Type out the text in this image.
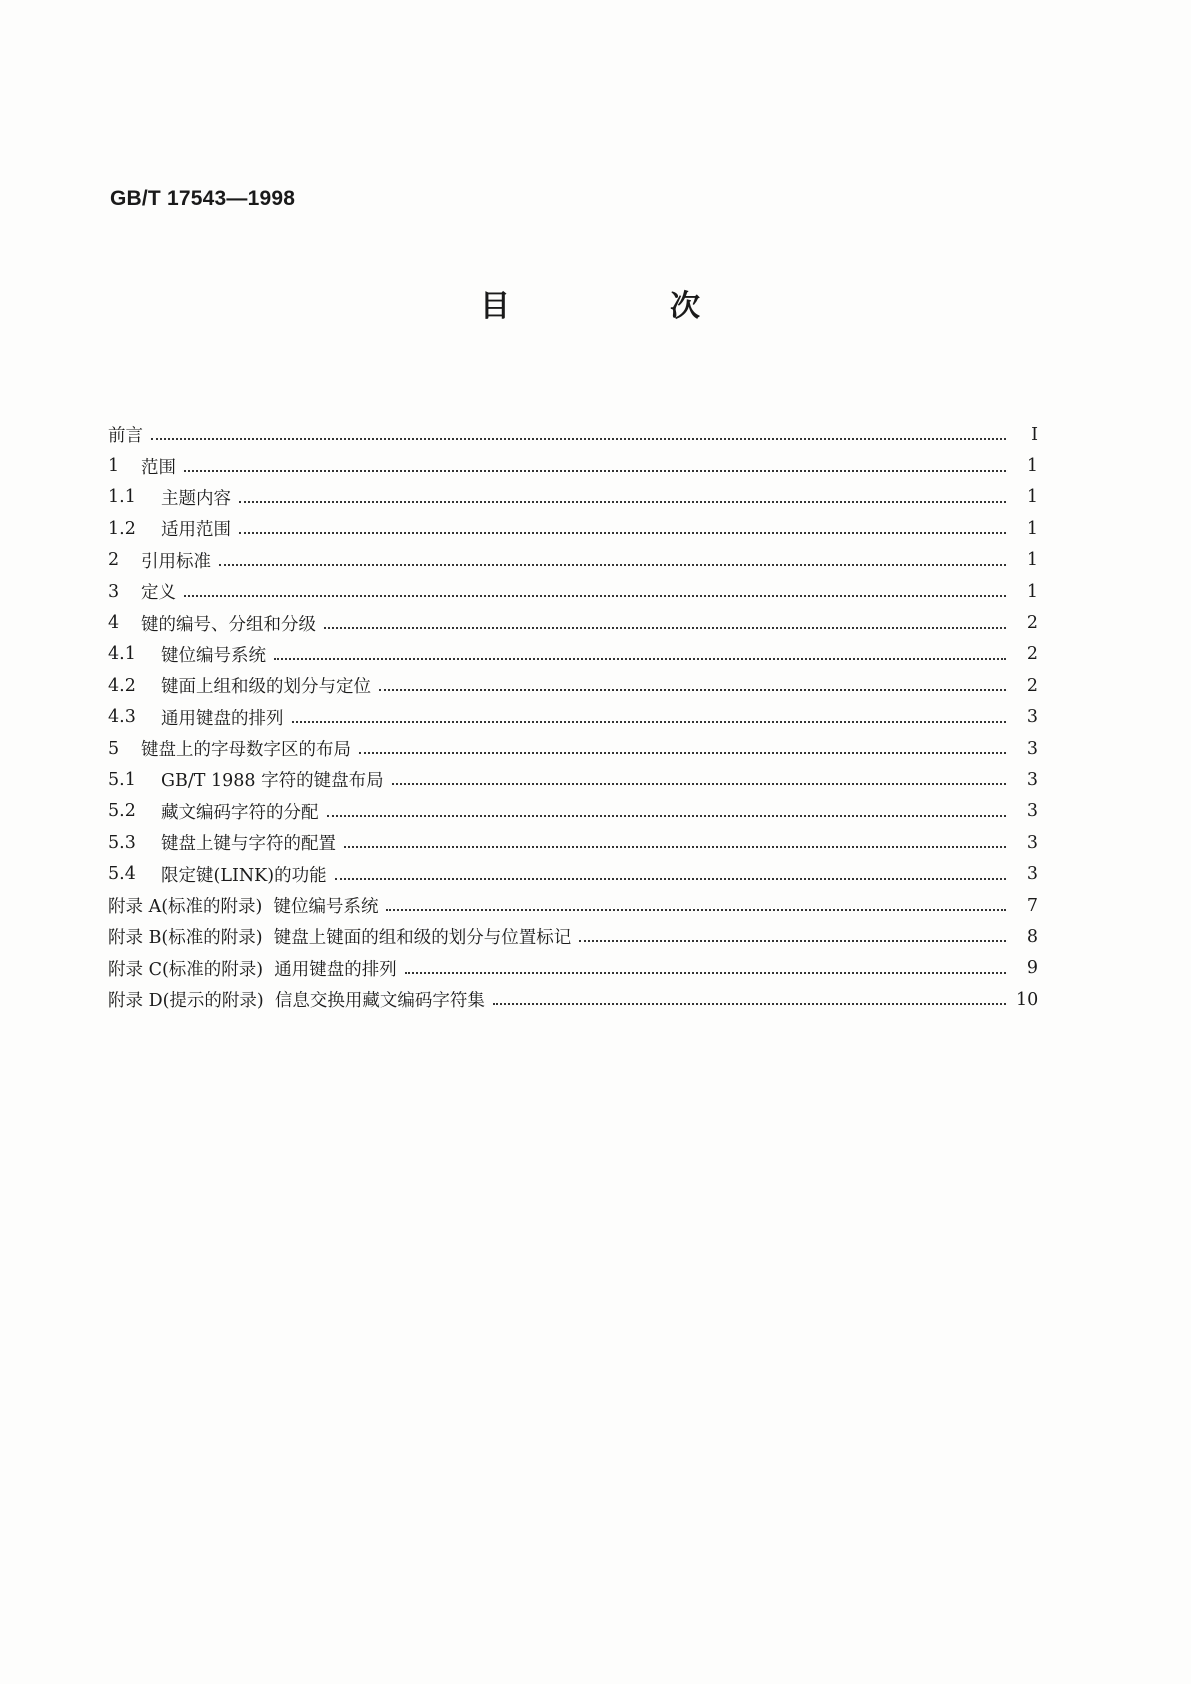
GB/T 17543—1998
目	次
前言	Ⅰ
1	范围	1
1.1	主题内容	1
1.2	适用范围	1
2	引用标准	1
3	定义	1
4	键的编号、分组和分级	2
4.1	键位编号系统	2
4.2	键面上组和级的划分与定位	2
4.3	通用键盘的排列	3
5	键盘上的字母数字区的布局	3
5.1	GB/T 1988 字符的键盘布局	3
5.2	藏文编码字符的分配	3
5.3	键盘上键与字符的配置	3
5.4	限定键(LINK)的功能	3
附录 A(标准的附录)  键位编号系统	7
附录 B(标准的附录)  键盘上键面的组和级的划分与位置标记	8
附录 C(标准的附录)  通用键盘的排列	9
附录 D(提示的附录)  信息交换用藏文编码字符集	10
